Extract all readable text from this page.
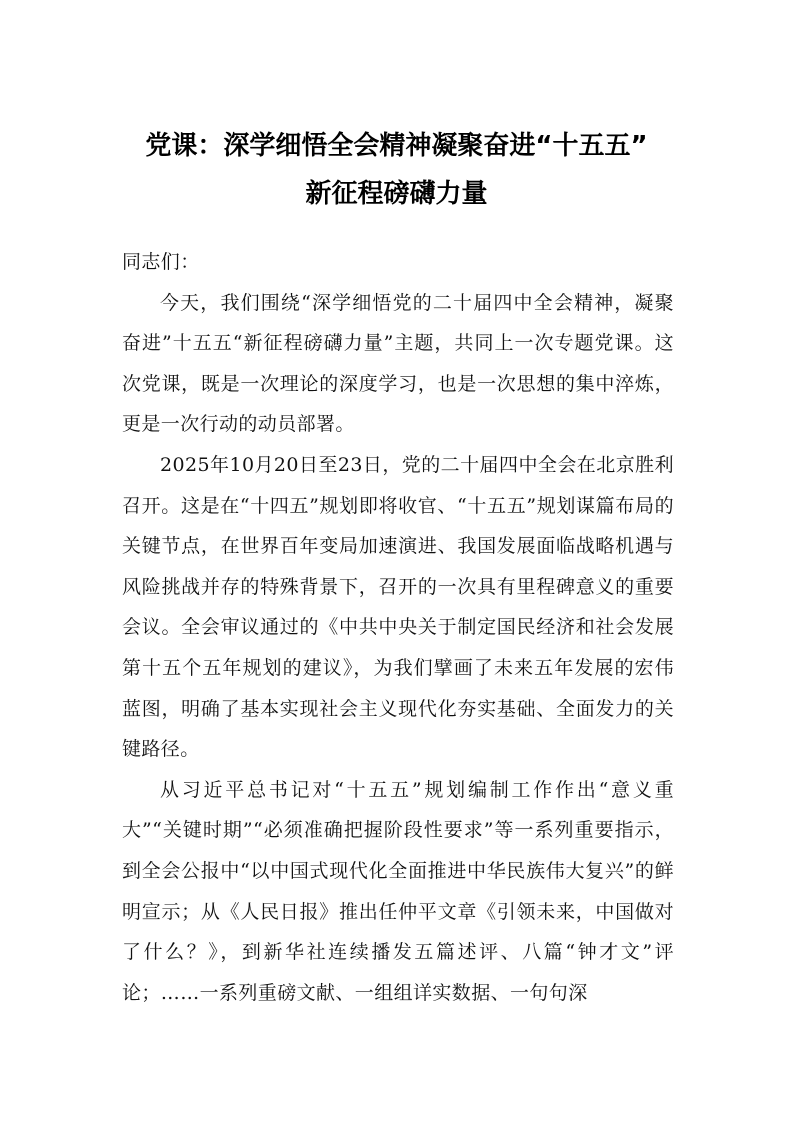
党课：深学细悟全会精神凝聚奋进“十五五”
新征程磅礴力量

同志们：

今天，我们围绕“深学细悟党的二十届四中全会精神，凝聚奋进”十五五“新征程磅礴力量”主题，共同上一次专题党课。这次党课，既是一次理论的深度学习，也是一次思想的集中淬炼，更是一次行动的动员部署。

2025年10月20日至23日，党的二十届四中全会在北京胜利召开。这是在“十四五”规划即将收官、“十五五”规划谋篇布局的关键节点，在世界百年变局加速演进、我国发展面临战略机遇与风险挑战并存的特殊背景下，召开的一次具有里程碑意义的重要会议。全会审议通过的《中共中央关于制定国民经济和社会发展第十五个五年规划的建议》，为我们擘画了未来五年发展的宏伟蓝图，明确了基本实现社会主义现代化夯实基础、全面发力的关键路径。

从习近平总书记对“十五五”规划编制工作作出“意义重大”“关键时期”“必须准确把握阶段性要求”等一系列重要指示，到全会公报中“以中国式现代化全面推进中华民族伟大复兴”的鲜明宣示；从《人民日报》推出任仲平文章《引领未来，中国做对了什么？》，到新华社连续播发五篇述评、八篇“钟才文”评论；……一系列重磅文献、一组组详实数据、一句句深
